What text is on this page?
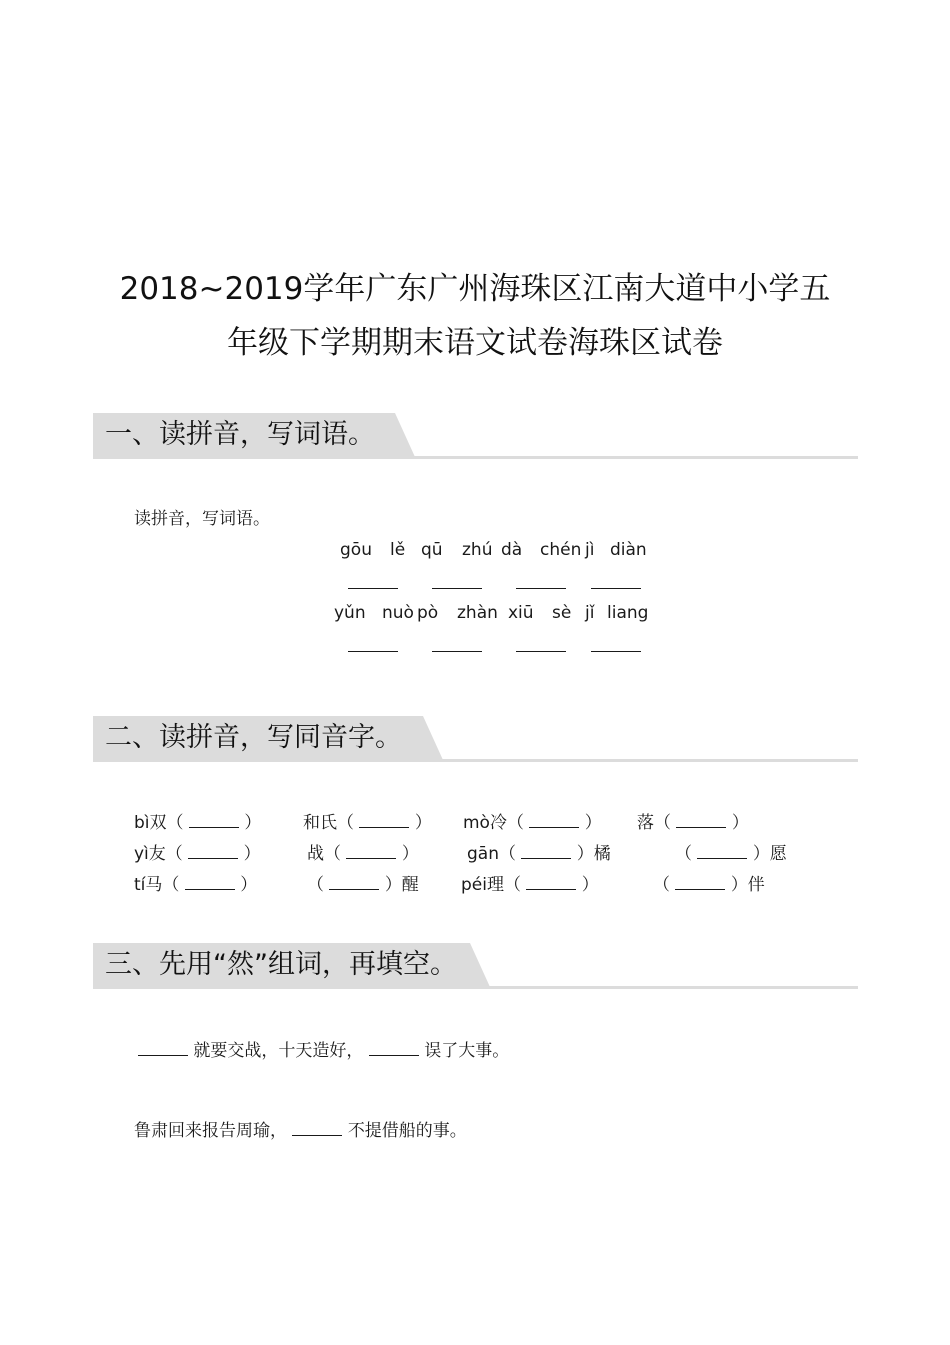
2018~2019学年广东广州海珠区江南大道中小学五
年级下学期期末语文试卷海珠区试卷
一、读拼音，写词语。
读拼音，写词语。
gōu lě qū zhú dà chén jì diàn
yǔn nuò pò zhàn xiū sè jǐ liang
二、读拼音，写同音字。
bì双（	） 和氏（	） mò冷（	） 落（	）
yì友（	）	战（	）	gān（	）橘	（	）愿
tí马（	）	（	）醒 péi理（	）	（	）伴
三、先用“然”组词，再填空。
就要交战，十天造好，	误了大事。
鲁肃回来报告周瑜，	不提借船的事。
